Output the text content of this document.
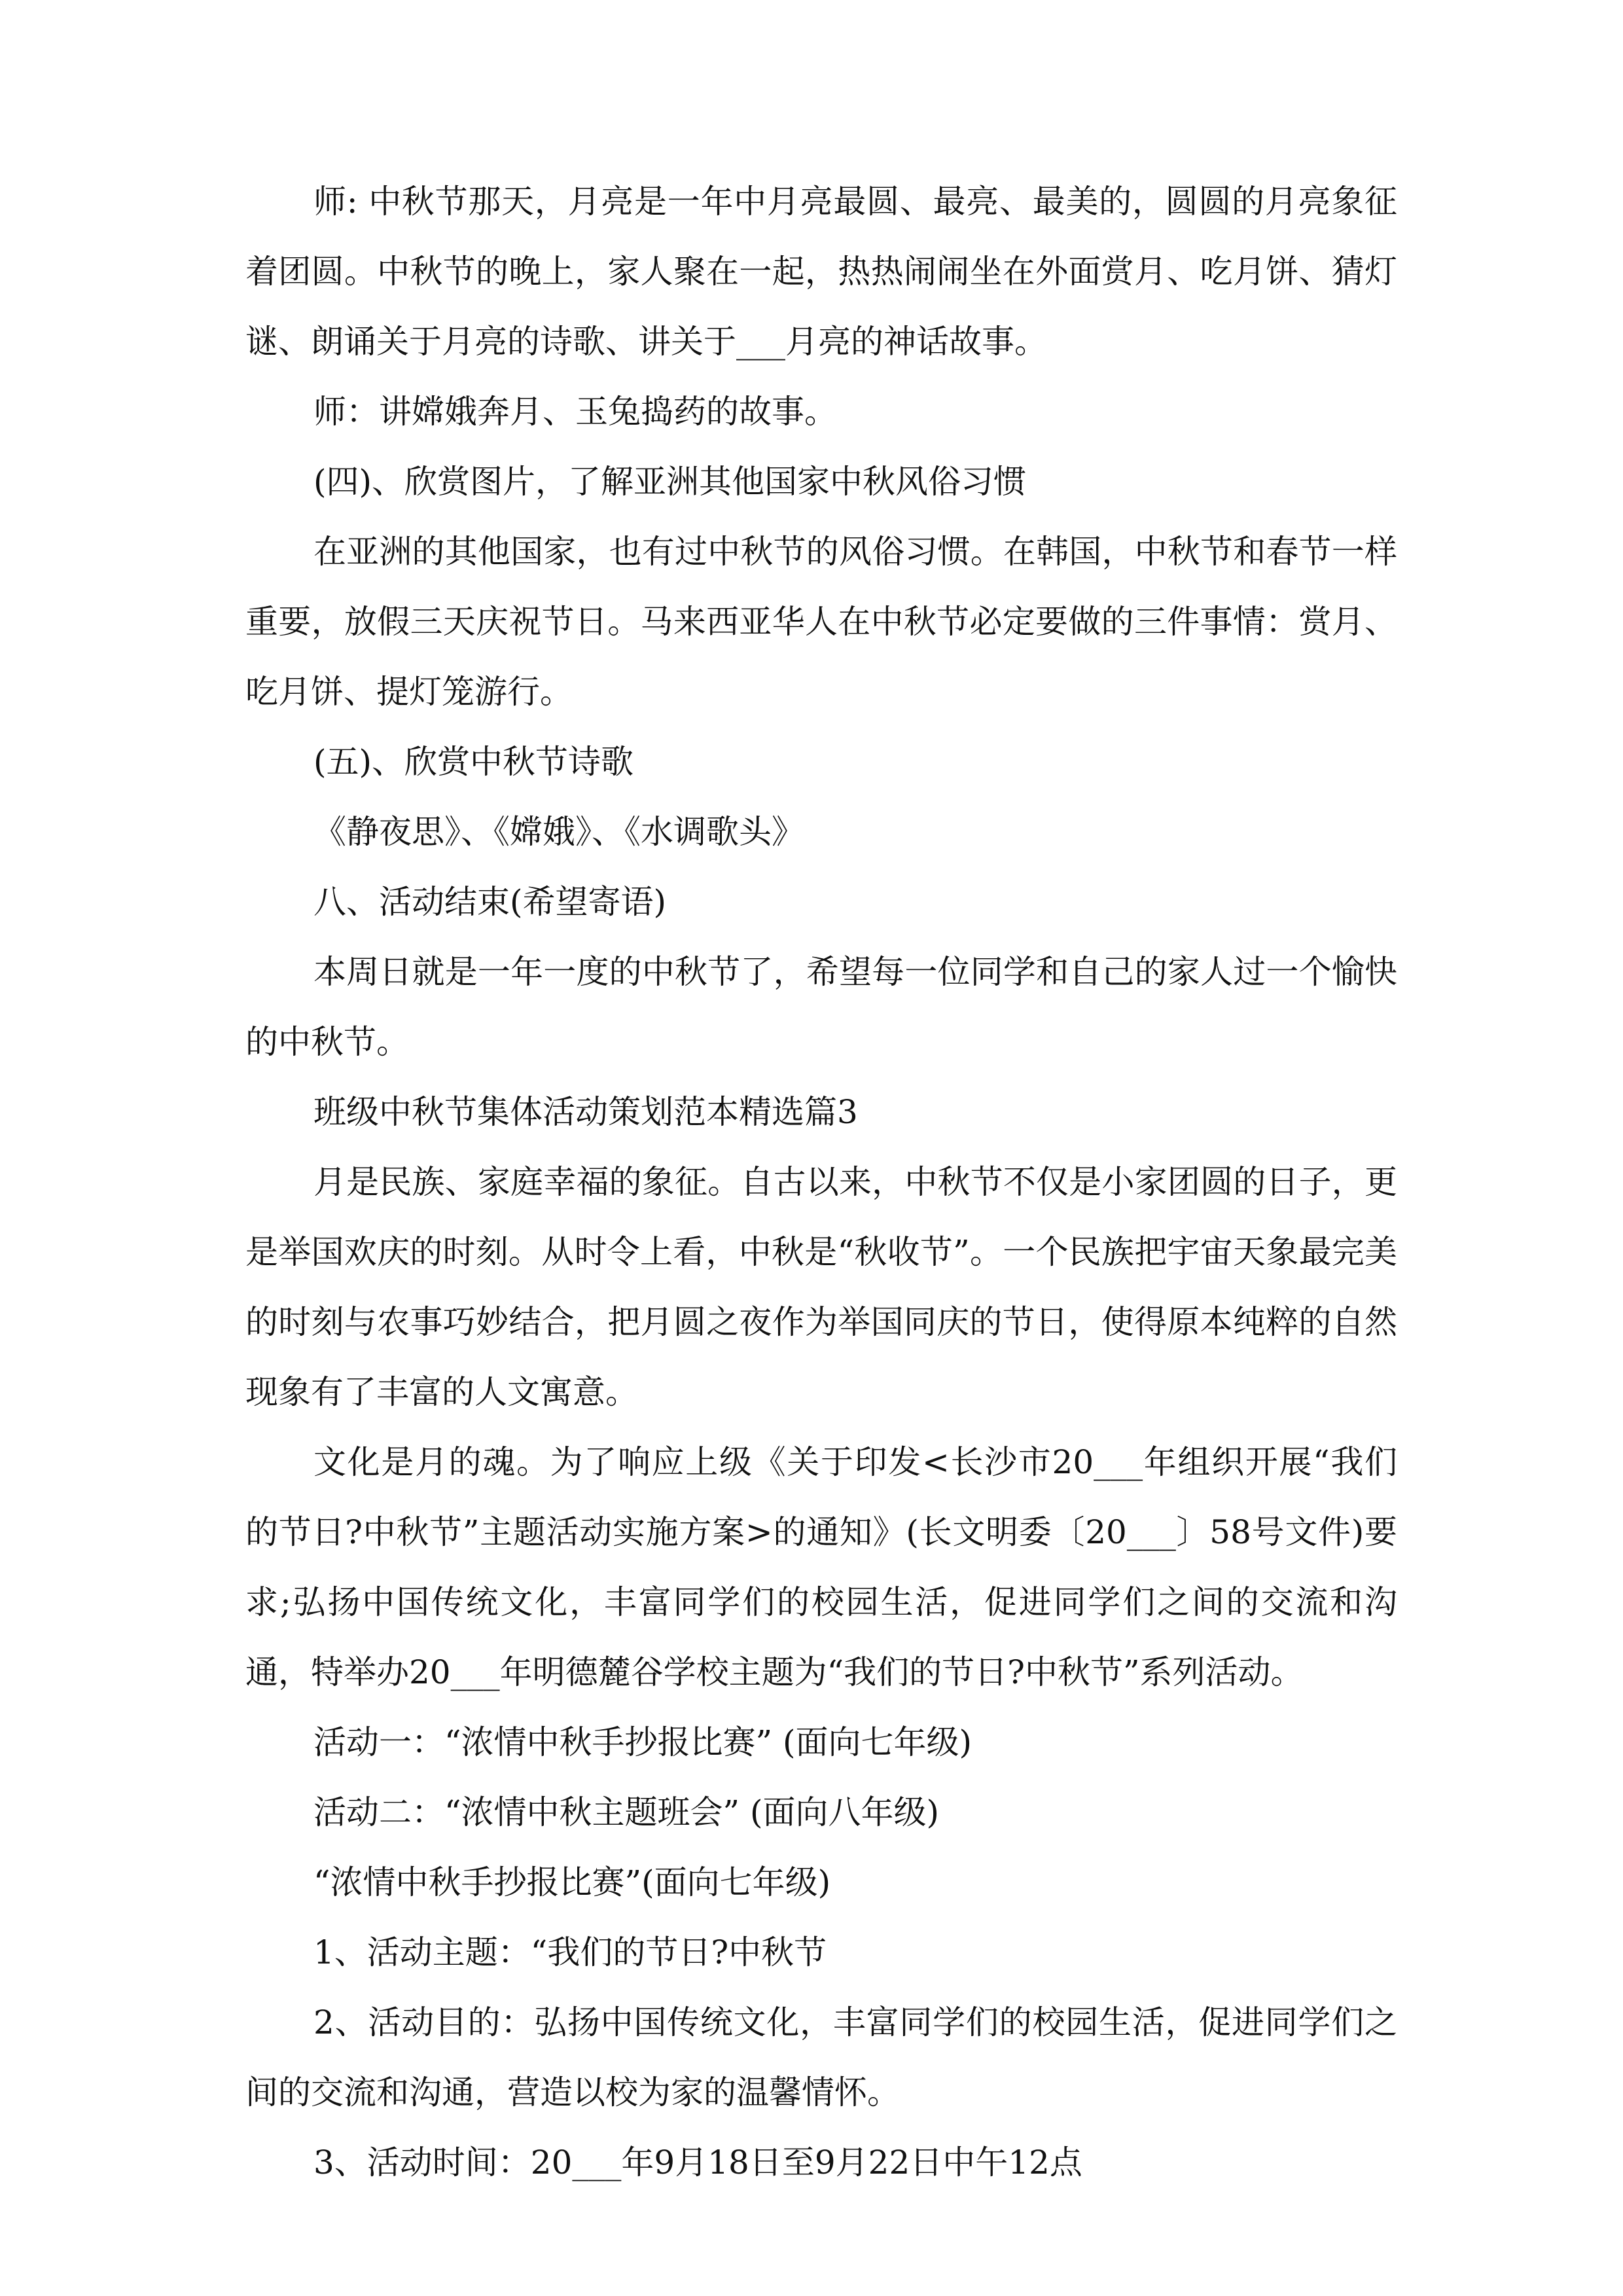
师: 中秋节那天，月亮是一年中月亮最圆、最亮、最美的，圆圆的月亮象征着团圆。中秋节的晚上，家人聚在一起，热热闹闹坐在外面赏月、吃月饼、猜灯谜、朗诵关于月亮的诗歌、讲关于___月亮的神话故事。

师：讲嫦娥奔月、玉兔捣药的故事。

(四)、欣赏图片，了解亚洲其他国家中秋风俗习惯

在亚洲的其他国家，也有过中秋节的风俗习惯。在韩国，中秋节和春节一样重要，放假三天庆祝节日。马来西亚华人在中秋节必定要做的三件事情：赏月、吃月饼、提灯笼游行。

(五)、欣赏中秋节诗歌

《静夜思》、《嫦娥》、《水调歌头》

八、活动结束(希望寄语)

本周日就是一年一度的中秋节了，希望每一位同学和自己的家人过一个愉快的中秋节。

班级中秋节集体活动策划范本精选篇3

月是民族、家庭幸福的象征。自古以来，中秋节不仅是小家团圆的日子，更是举国欢庆的时刻。从时令上看，中秋是“秋收节”。一个民族把宇宙天象最完美的时刻与农事巧妙结合，把月圆之夜作为举国同庆的节日，使得原本纯粹的自然现象有了丰富的人文寓意。

文化是月的魂。为了响应上级《关于印发<长沙市20___年组织开展“我们的节日?中秋节”主题活动实施方案>的通知》(长文明委〔20___〕58号文件)要求;弘扬中国传统文化，丰富同学们的校园生活，促进同学们之间的交流和沟通，特举办20___年明德麓谷学校主题为“我们的节日?中秋节”系列活动。

活动一：“浓情中秋手抄报比赛” (面向七年级)

活动二：“浓情中秋主题班会” (面向八年级)

“浓情中秋手抄报比赛”(面向七年级)

1、活动主题：“我们的节日?中秋节

2、活动目的：弘扬中国传统文化，丰富同学们的校园生活，促进同学们之间的交流和沟通，营造以校为家的温馨情怀。

3、活动时间：20___年9月18日至9月22日中午12点
